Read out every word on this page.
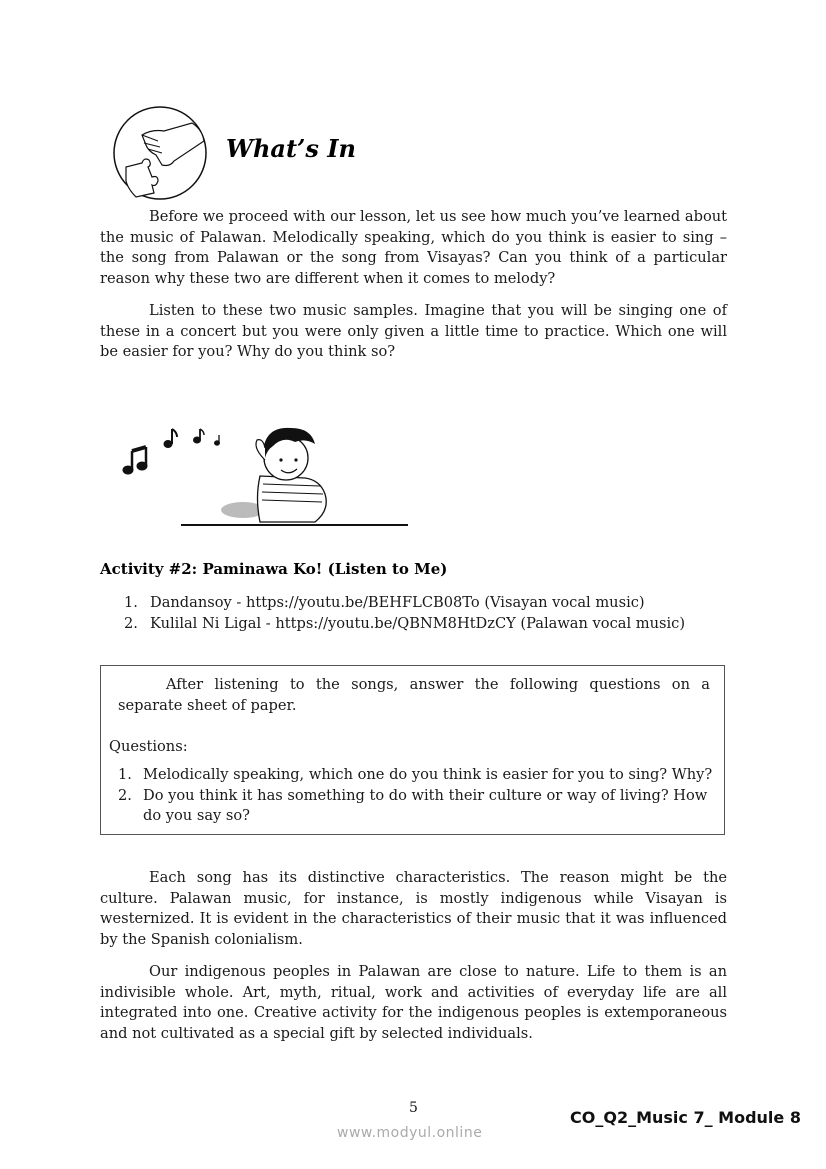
What’s In

Before we proceed with our lesson, let us see how much you’ve learned about the music of Palawan. Melodically speaking, which do you think is easier to sing – the song from Palawan or the song from Visayas? Can you think of a particular reason why these two are different when it comes to melody?

Listen to these two music samples. Imagine that you will be singing one of these in a concert but you were only given a little time to practice. Which one will be easier for you? Why do you think so?

Activity #2: Paminawa Ko! (Listen to Me)
1. Dandansoy - https://youtu.be/BEHFLCB08To (Visayan vocal music)
2. Kulilal Ni Ligal - https://youtu.be/QBNM8HtDzCY (Palawan vocal music)
After listening to the songs, answer the following questions on a separate sheet of paper.
Questions:
1. Melodically speaking, which one do you think is easier for you to sing? Why?
2. Do you think it has something to do with their culture or way of living? How do you say so?

Each song has its distinctive characteristics. The reason might be the culture. Palawan music, for instance, is mostly indigenous while Visayan is westernized. It is evident in the characteristics of their music that it was influenced by the Spanish colonialism.

Our indigenous peoples in Palawan are close to nature. Life to them is an indivisible whole. Art, myth, ritual, work and activities of everyday life are all integrated into one. Creative activity for the indigenous peoples is extemporaneous and not cultivated as a special gift by selected individuals.

5	CO_Q2_Music 7_ Module 8
www.modyul.online
